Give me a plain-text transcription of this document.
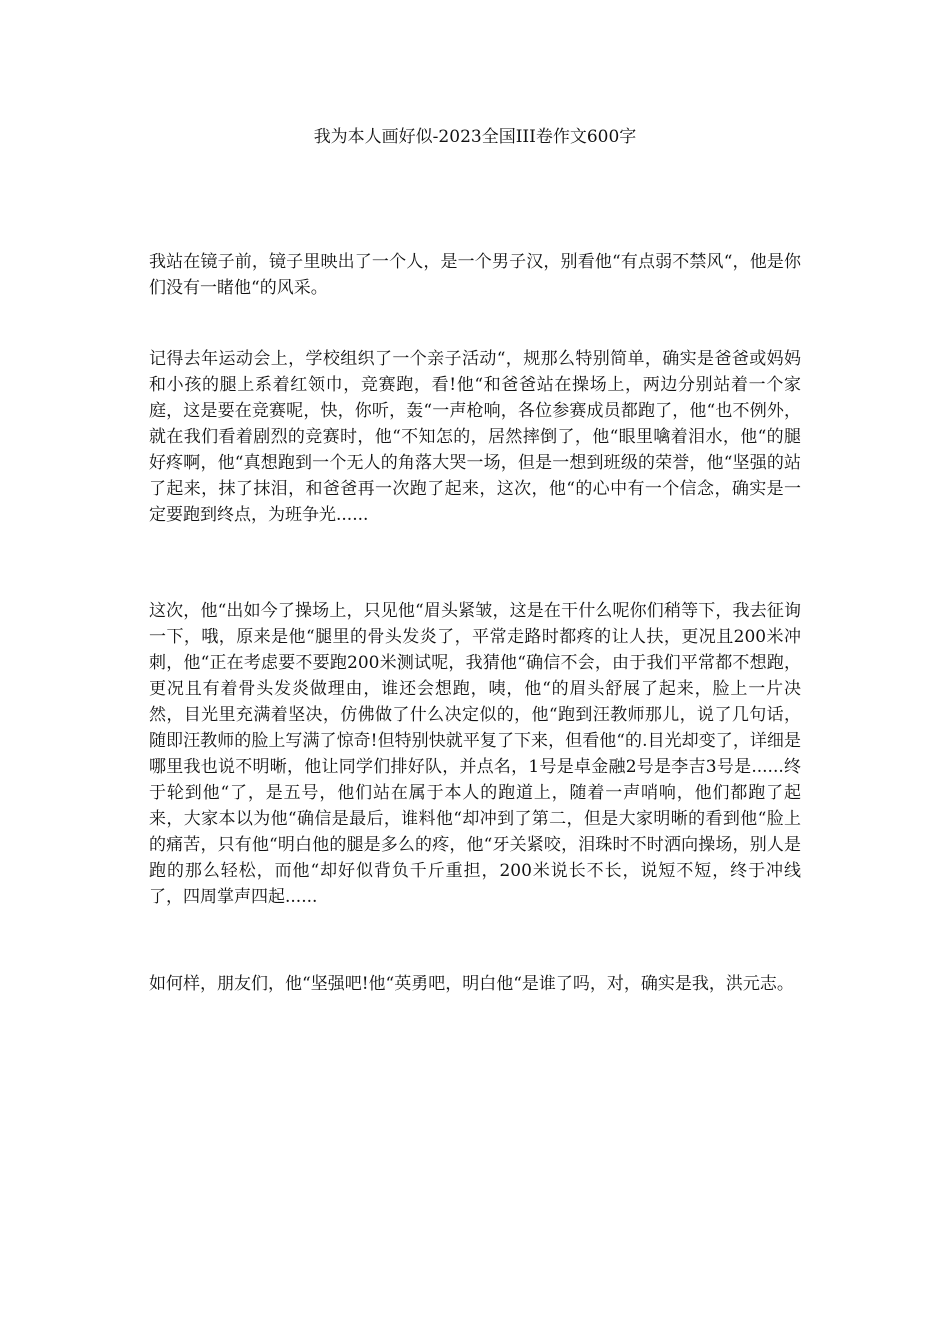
我为本人画好似-2023全国III卷作文600字

我站在镜子前，镜子里映出了一个人，是一个男子汉，别看他“有点弱不禁风“，他是你们没有一睹他“的风采。

记得去年运动会上，学校组织了一个亲子活动“，规那么特别简单，确实是爸爸或妈妈和小孩的腿上系着红领巾，竞赛跑，看!他“和爸爸站在操场上，两边分别站着一个家庭，这是要在竞赛呢，快，你听，轰“一声枪响，各位参赛成员都跑了，他“也不例外，就在我们看着剧烈的竞赛时，他“不知怎的，居然摔倒了，他“眼里噙着泪水，他“的腿好疼啊，他“真想跑到一个无人的角落大哭一场，但是一想到班级的荣誉，他“坚强的站了起来，抹了抹泪，和爸爸再一次跑了起来，这次，他“的心中有一个信念，确实是一定要跑到终点，为班争光......

这次，他“出如今了操场上，只见他“眉头紧皱，这是在干什么呢你们稍等下，我去征询一下，哦，原来是他“腿里的骨头发炎了，平常走路时都疼的让人扶，更况且200米冲刺，他“正在考虑要不要跑200米测试呢，我猜他“确信不会，由于我们平常都不想跑，更况且有着骨头发炎做理由，谁还会想跑，咦，他“的眉头舒展了起来，脸上一片决然，目光里充满着坚决，仿佛做了什么决定似的，他“跑到汪教师那儿，说了几句话，随即汪教师的脸上写满了惊奇!但特别快就平复了下来，但看他“的.目光却变了，详细是哪里我也说不明晰，他让同学们排好队，并点名，1号是卓金融2号是李吉3号是......终于轮到他“了，是五号，他们站在属于本人的跑道上，随着一声哨响，他们都跑了起来，大家本以为他“确信是最后，谁料他“却冲到了第二，但是大家明晰的看到他“脸上的痛苦，只有他“明白他的腿是多么的疼，他“牙关紧咬，泪珠时不时洒向操场，别人是跑的那么轻松，而他“却好似背负千斤重担，200米说长不长，说短不短，终于冲线了，四周掌声四起......

如何样，朋友们，他“坚强吧!他“英勇吧，明白他“是谁了吗，对，确实是我，洪元志。
